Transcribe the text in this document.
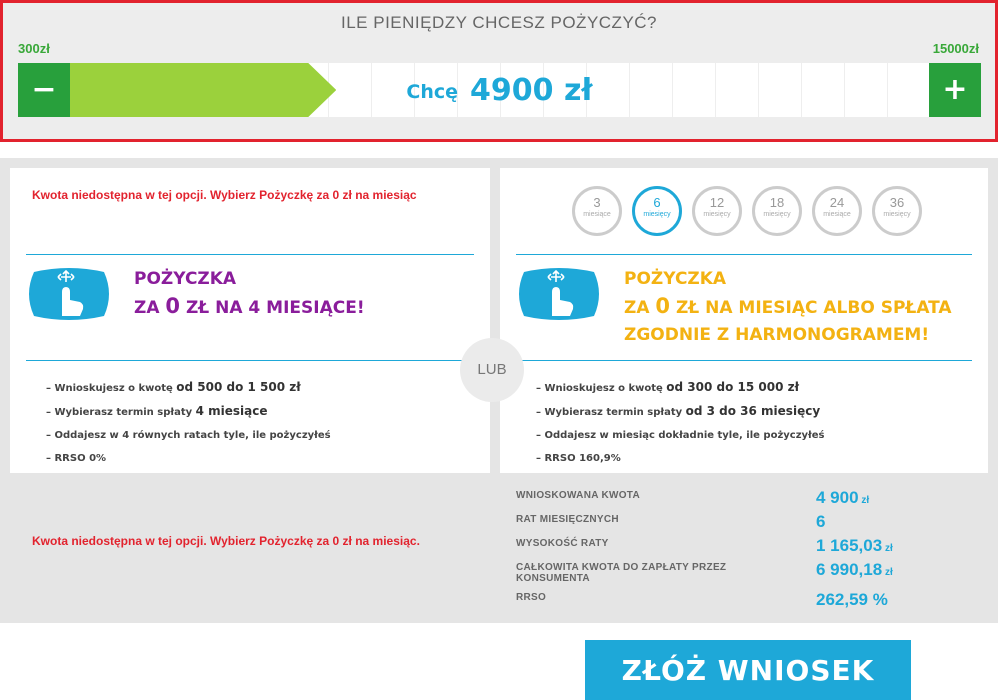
ILE PIENIĘDZY CHCESZ POŻYCZYĆ?
300zł	15000zł
Chcę 4900 zł
−	+
Kwota niedostępna w tej opcji. Wybierz Pożyczkę za 0 zł na miesiąc
POŻYCZKA
ZA 0 ZŁ NA 4 MIESIĄCE!
– Wnioskujesz o kwotę od 500 do 1 500 zł
– Wybierasz termin spłaty 4 miesiące
– Oddajesz w 4 równych ratach tyle, ile pożyczyłeś
– RRSO 0%
3
miesiące
6
miesięcy
12
miesięcy
18
miesięcy
24
miesiące
36
miesięcy
POŻYCZKA
ZA 0 ZŁ NA MIESIĄC ALBO SPŁATA
ZGODNIE Z HARMONOGRAMEM!
– Wnioskujesz o kwotę od 300 do 15 000 zł
– Wybierasz termin spłaty od 3 do 36 miesięcy
– Oddajesz w miesiąc dokładnie tyle, ile pożyczyłeś
– RRSO 160,9%
LUB
Kwota niedostępna w tej opcji. Wybierz Pożyczkę za 0 zł na miesiąc.
WNIOSKOWANA KWOTA	4 900 zł
RAT MIESIĘCZNYCH	6
WYSOKOŚĆ RATY	1 165,03 zł
CAŁKOWITA KWOTA DO ZAPŁATY PRZEZ KONSUMENTA	6 990,18 zł
RRSO	262,59 %
ZŁÓŻ WNIOSEK
